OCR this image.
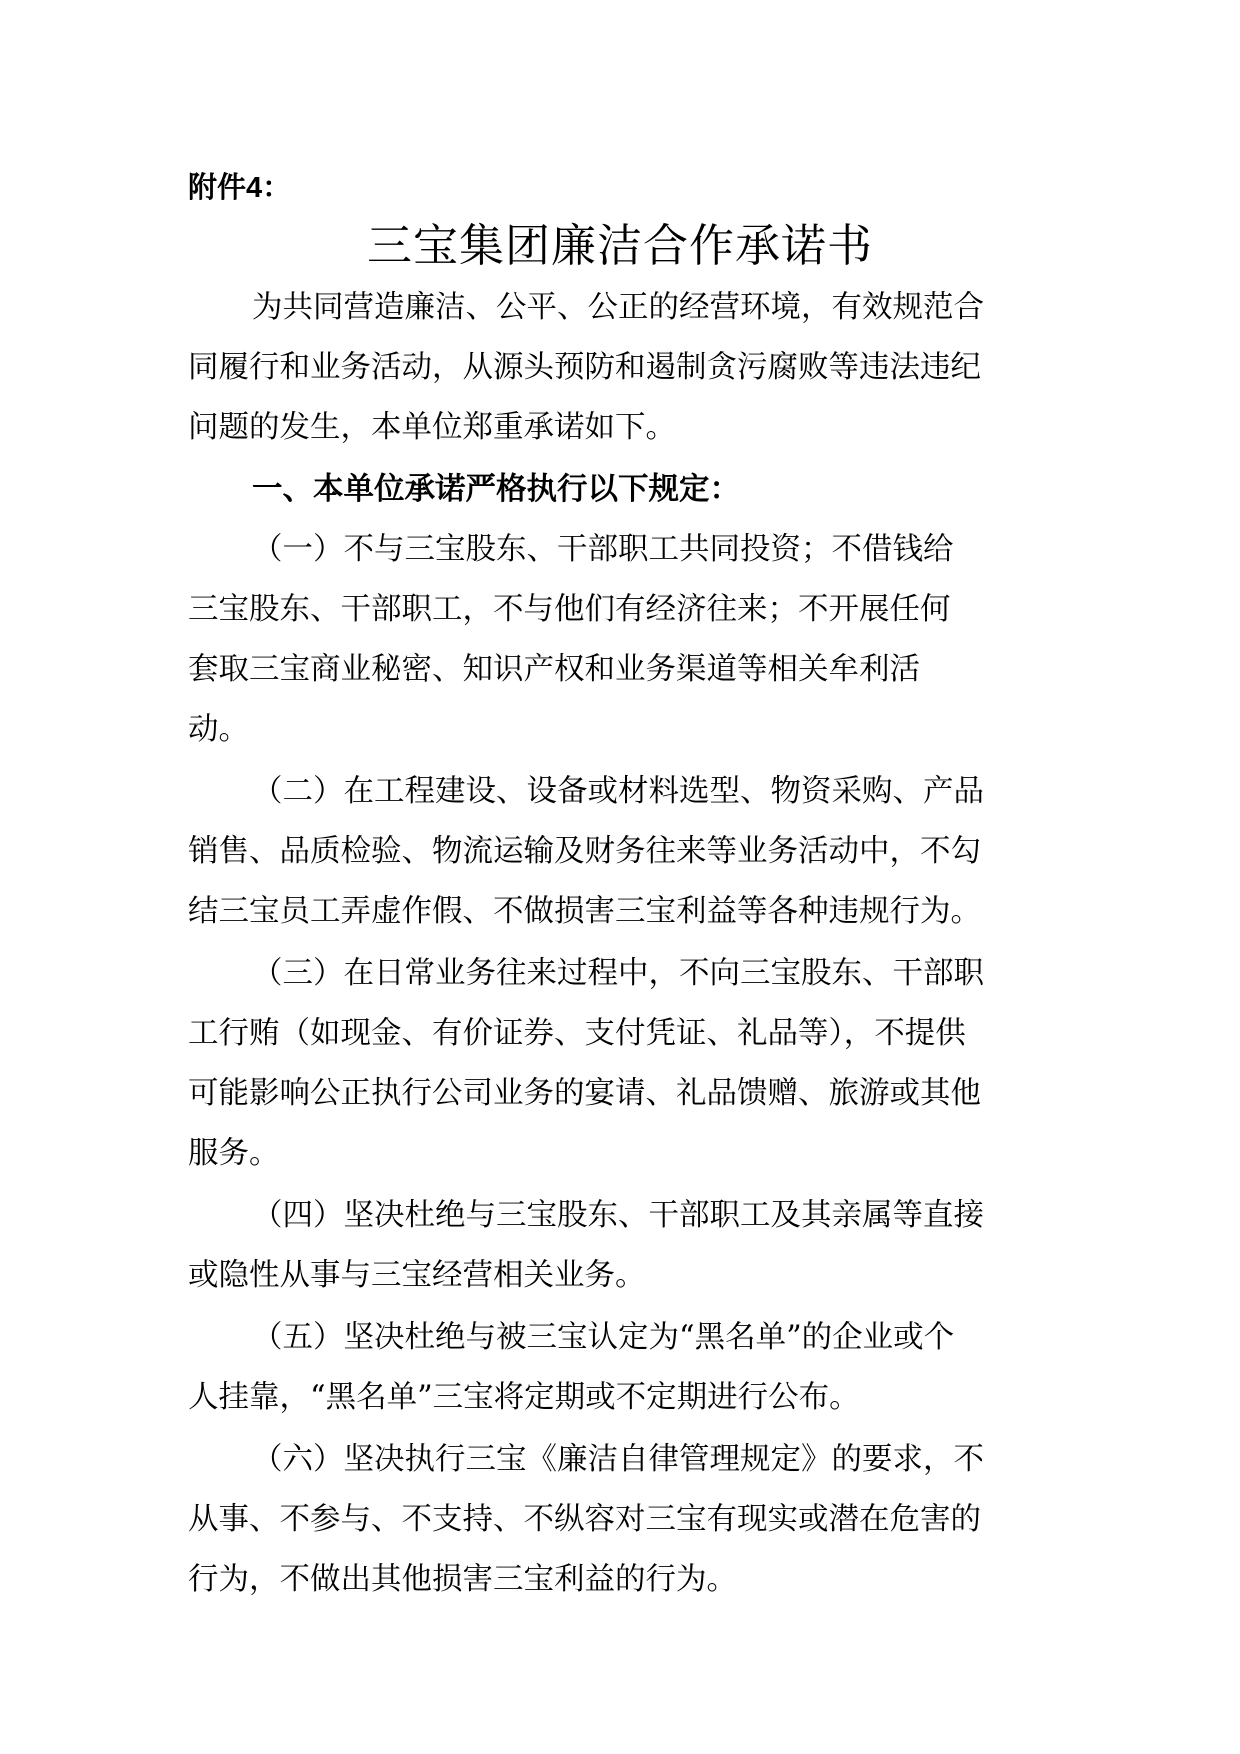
附件4：
三宝集团廉洁合作承诺书
为共同营造廉洁、公平、公正的经营环境，有效规范合
同履行和业务活动，从源头预防和遏制贪污腐败等违法违纪
问题的发生，本单位郑重承诺如下。
一、本单位承诺严格执行以下规定：
（一）不与三宝股东、干部职工共同投资；不借钱给
三宝股东、干部职工，不与他们有经济往来；不开展任何
套取三宝商业秘密、知识产权和业务渠道等相关牟利活
动。
（二）在工程建设、设备或材料选型、物资采购、产品
销售、品质检验、物流运输及财务往来等业务活动中，不勾
结三宝员工弄虚作假、不做损害三宝利益等各种违规行为。
（三）在日常业务往来过程中，不向三宝股东、干部职
工行贿（如现金、有价证券、支付凭证、礼品等），不提供
可能影响公正执行公司业务的宴请、礼品馈赠、旅游或其他
服务。
（四）坚决杜绝与三宝股东、干部职工及其亲属等直接
或隐性从事与三宝经营相关业务。
（五）坚决杜绝与被三宝认定为“黑名单”的企业或个
人挂靠，“黑名单”三宝将定期或不定期进行公布。
（六）坚决执行三宝《廉洁自律管理规定》的要求，不
从事、不参与、不支持、不纵容对三宝有现实或潜在危害的
行为，不做出其他损害三宝利益的行为。
